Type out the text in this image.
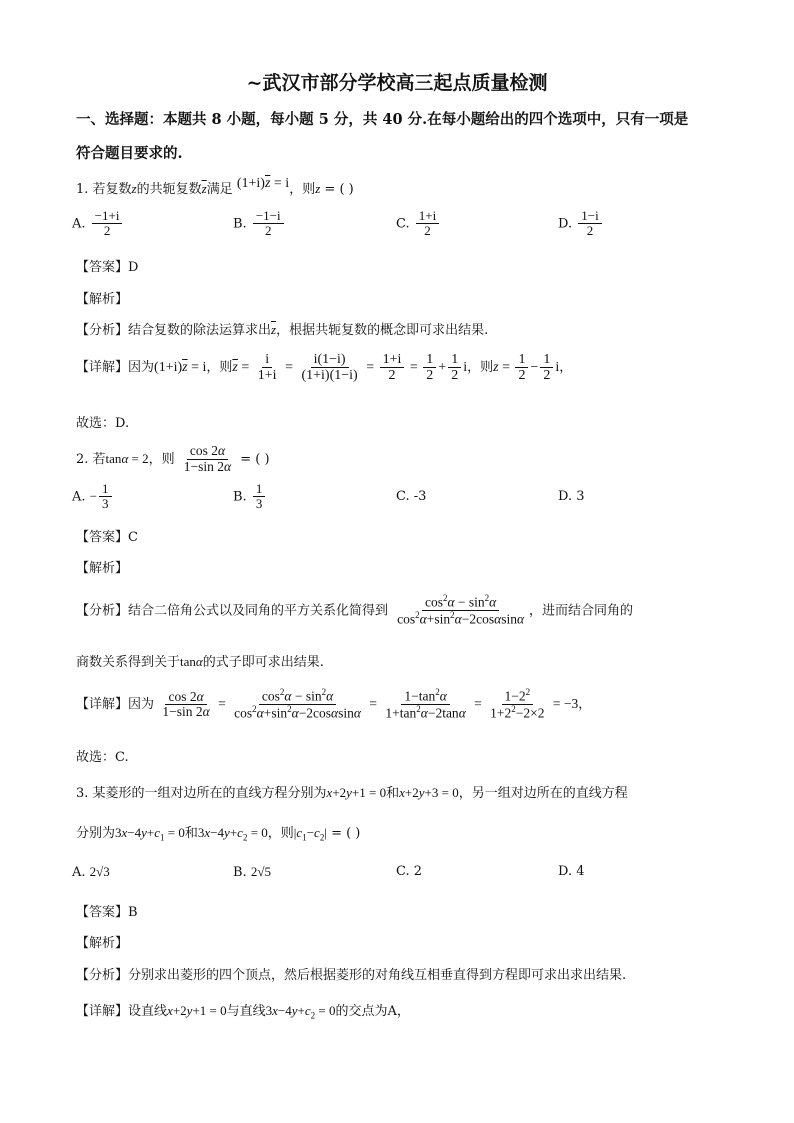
~武汉市部分学校高三起点质量检测
一、选择题：本题共 8 小题，每小题 5 分，共 40 分.在每小题给出的四个选项中，只有一项是
符合题目要求的.
1. 若复数z的共轭复数$\overline{z}$满足 $(1+i)\overline{z} = i$，则z = ( )
A. $\frac{-1+i}{2}$	B. $\frac{-1-i}{2}$	C. $\frac{1+i}{2}$	D. $\frac{1-i}{2}$
【答案】D
【解析】
【分析】结合复数的除法运算求出$\overline{z}$，根据共轭复数的概念即可求出结果.
【详解】因为$(1+i)\overline{z} = i$，则$\overline{z} = \frac{i}{1+i} = \frac{i(1-i)}{(1+i)(1-i)} = \frac{1+i}{2} = \frac{1}{2} + \frac{1}{2}$ i，则$z = \frac{1}{2} - \frac{1}{2}$ i，
故选：D.
2. 若tanα = 2，则 $\frac{\cos 2\alpha}{1-\sin 2\alpha}$ = ( )
A. − $\frac{1}{3}$	B. $\frac{1}{3}$	C. -3	D. 3
【答案】C
【解析】
【分析】结合二倍角公式以及同角的平方关系化简得到 $\frac{\cos^2\alpha - \sin^2\alpha}{\cos^2\alpha+\sin^2\alpha-2\cos\alpha\sin\alpha}$ ，进而结合同角的
商数关系得到关于tanα的式子即可求出结果.
【详解】因为 $\frac{\cos 2\alpha}{1-\sin 2\alpha} = \frac{\cos^2\alpha - \sin^2\alpha}{\cos^2\alpha+\sin^2\alpha-2\cos\alpha\sin\alpha} = \frac{1-\tan^2\alpha}{1+\tan^2\alpha-2\tan\alpha} = \frac{1-2^2}{1+2^2-2\times 2} = -3$，
故选：C.
3. 某菱形的一组对边所在的直线方程分别为x+2y+1 = 0和x+2y+3 = 0，另一组对边所在的直线方程
分别为$3x-4y+c_1 = 0$和$3x-4y+c_2 = 0$，则$|c_1-c_2|$ = ( )
A. 2√3	B. 2√5	C. 2	D. 4
【答案】B
【解析】
【分析】分别求出菱形的四个顶点，然后根据菱形的对角线互相垂直得到方程即可求出求出结果.
【详解】设直线x+2y+1 = 0与直线$3x-4y+c_2 = 0$的交点为A，
